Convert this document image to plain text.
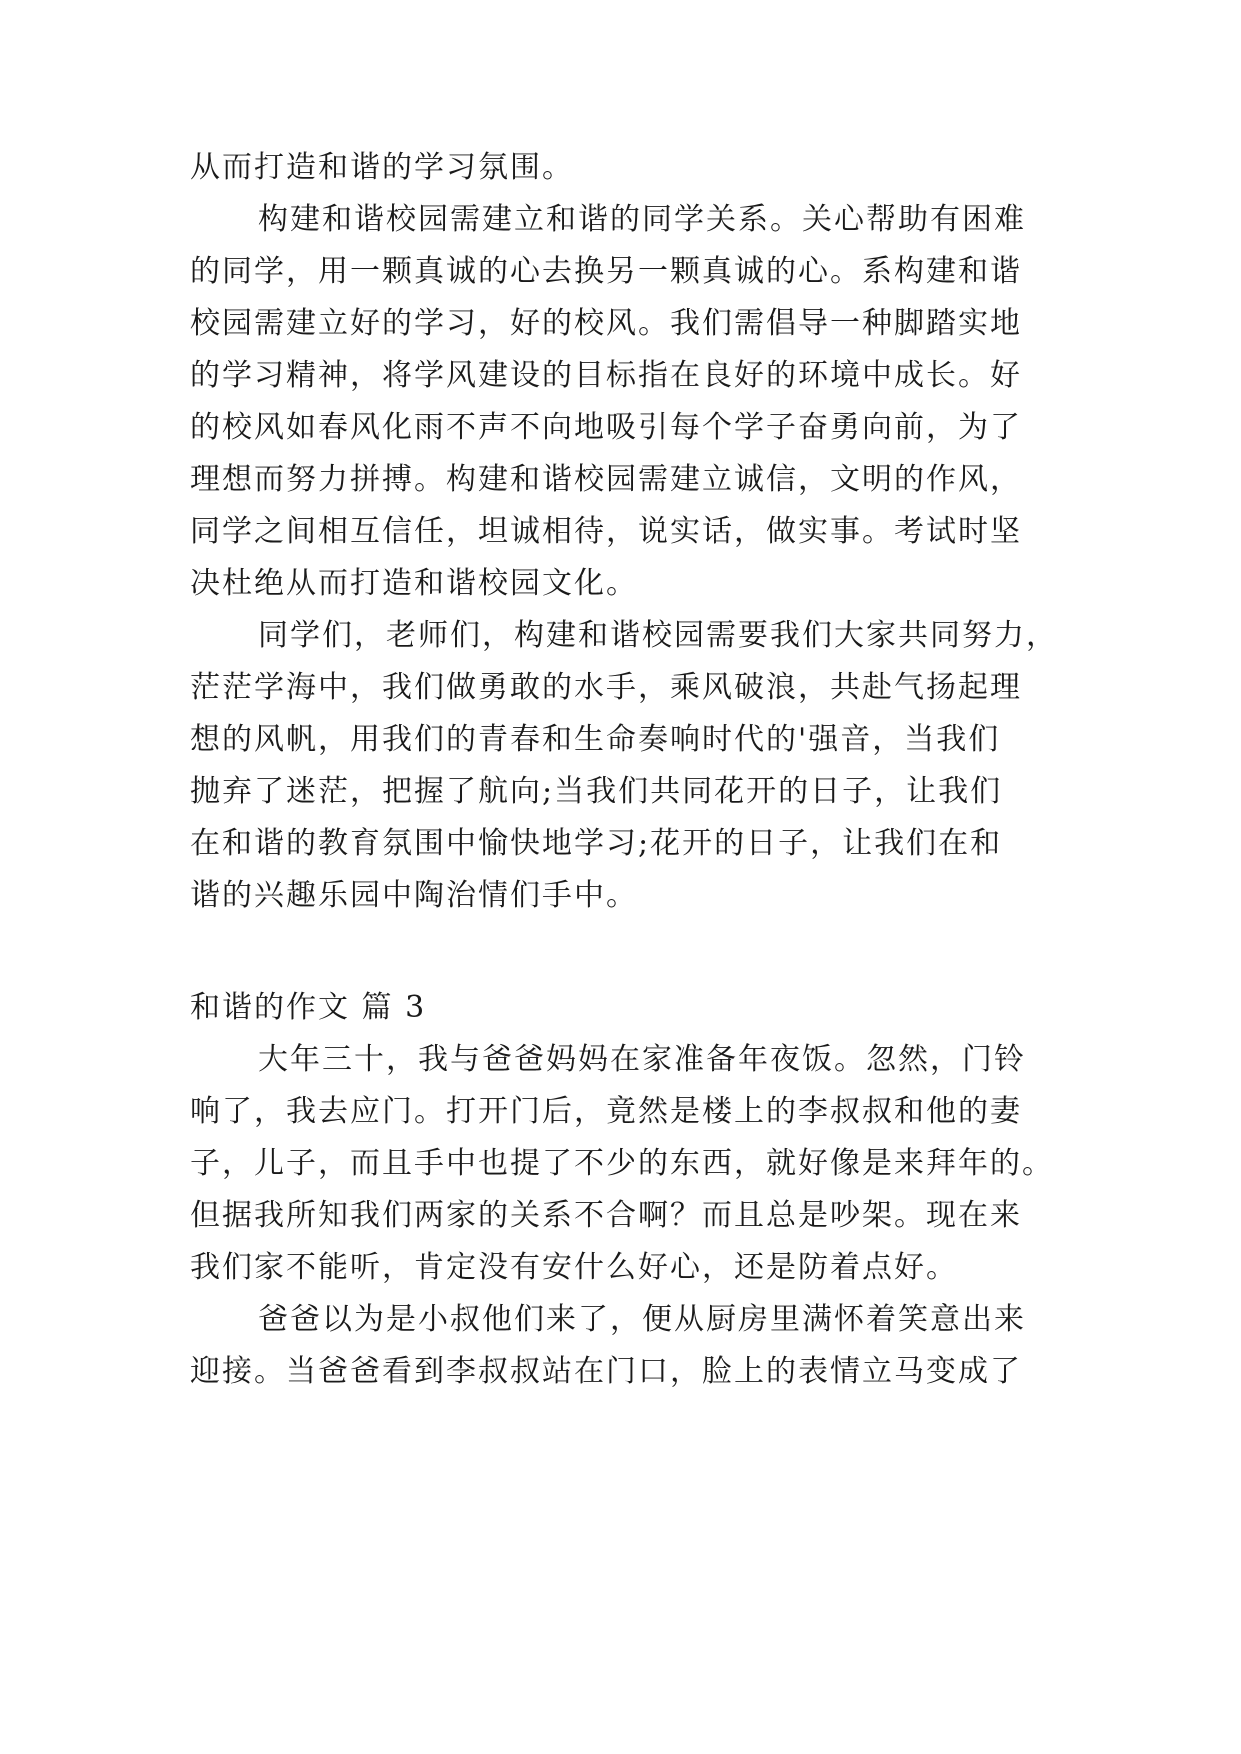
从而打造和谐的学习氛围。
构建和谐校园需建立和谐的同学关系。关心帮助有困难
的同学，用一颗真诚的心去换另一颗真诚的心。系构建和谐
校园需建立好的学习，好的校风。我们需倡导一种脚踏实地
的学习精神，将学风建设的目标指在良好的环境中成长。好
的校风如春风化雨不声不向地吸引每个学子奋勇向前，为了
理想而努力拼搏。构建和谐校园需建立诚信，文明的作风，
同学之间相互信任，坦诚相待，说实话，做实事。考试时坚
决杜绝从而打造和谐校园文化。
同学们，老师们，构建和谐校园需要我们大家共同努力，
茫茫学海中，我们做勇敢的水手，乘风破浪，共赴气扬起理
想的风帆，用我们的青春和生命奏响时代的'强音，当我们
抛弃了迷茫，把握了航向;当我们共同花开的日子，让我们
在和谐的教育氛围中愉快地学习;花开的日子，让我们在和
谐的兴趣乐园中陶治情们手中。
和谐的作文 篇 3
大年三十，我与爸爸妈妈在家准备年夜饭。忽然，门铃
响了，我去应门。打开门后，竟然是楼上的李叔叔和他的妻
子，儿子，而且手中也提了不少的东西，就好像是来拜年的。
但据我所知我们两家的关系不合啊？而且总是吵架。现在来
我们家不能听，肯定没有安什么好心，还是防着点好。
爸爸以为是小叔他们来了，便从厨房里满怀着笑意出来
迎接。当爸爸看到李叔叔站在门口，脸上的表情立马变成了
